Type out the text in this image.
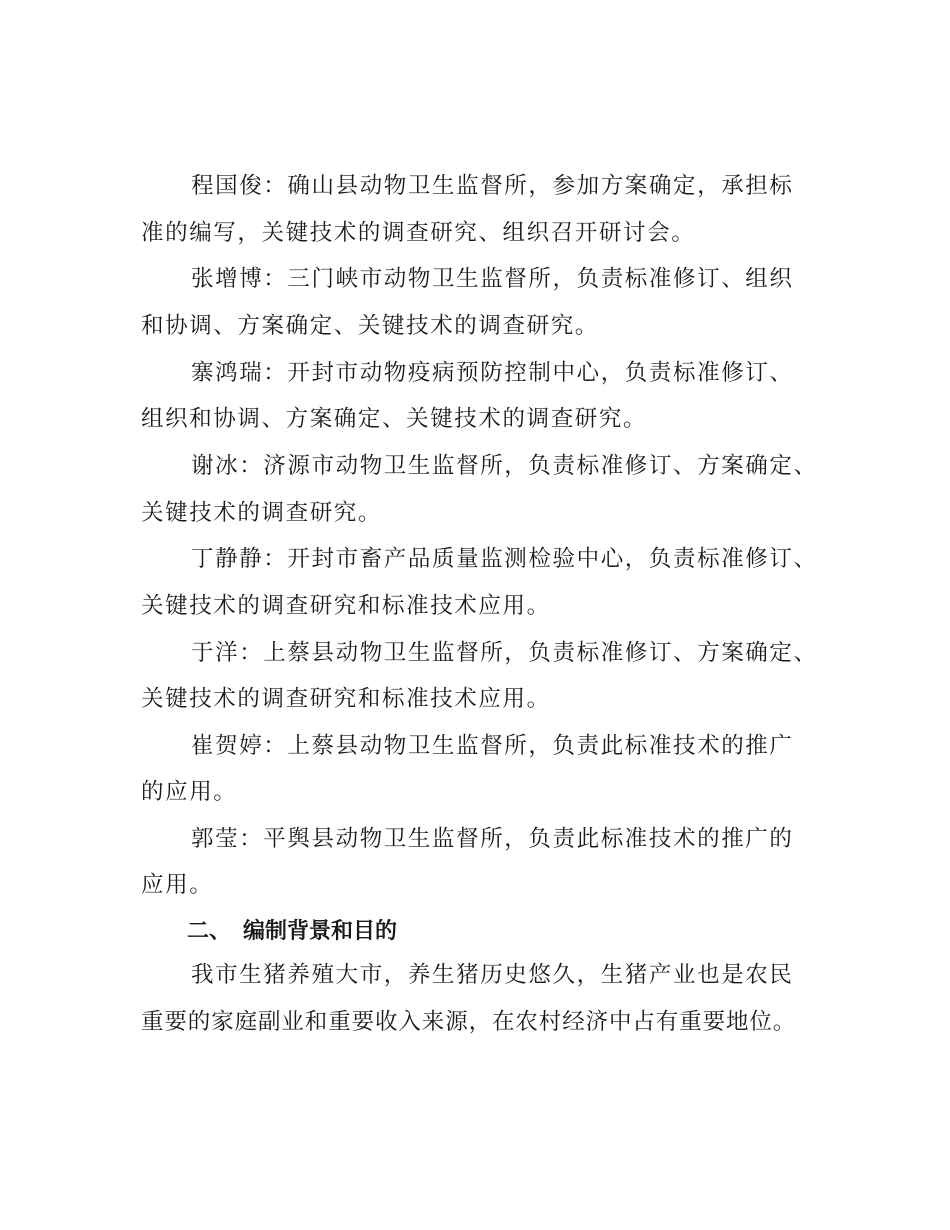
程国俊：确山县动物卫生监督所，参加方案确定，承担标
准的编写，关键技术的调查研究、组织召开研讨会。
张增博：三门峡市动物卫生监督所，负责标准修订、组织
和协调、方案确定、关键技术的调查研究。
寨鸿瑞：开封市动物疫病预防控制中心，负责标准修订、
组织和协调、方案确定、关键技术的调查研究。
谢冰：济源市动物卫生监督所，负责标准修订、方案确定、
关键技术的调查研究。
丁静静：开封市畜产品质量监测检验中心，负责标准修订、
关键技术的调查研究和标准技术应用。
于洋：上蔡县动物卫生监督所，负责标准修订、方案确定、
关键技术的调查研究和标准技术应用。
崔贺婷：上蔡县动物卫生监督所，负责此标准技术的推广
的应用。
郭莹：平舆县动物卫生监督所，负责此标准技术的推广的
应用。
二、 编制背景和目的
我市生猪养殖大市，养生猪历史悠久，生猪产业也是农民
重要的家庭副业和重要收入来源，在农村经济中占有重要地位。
